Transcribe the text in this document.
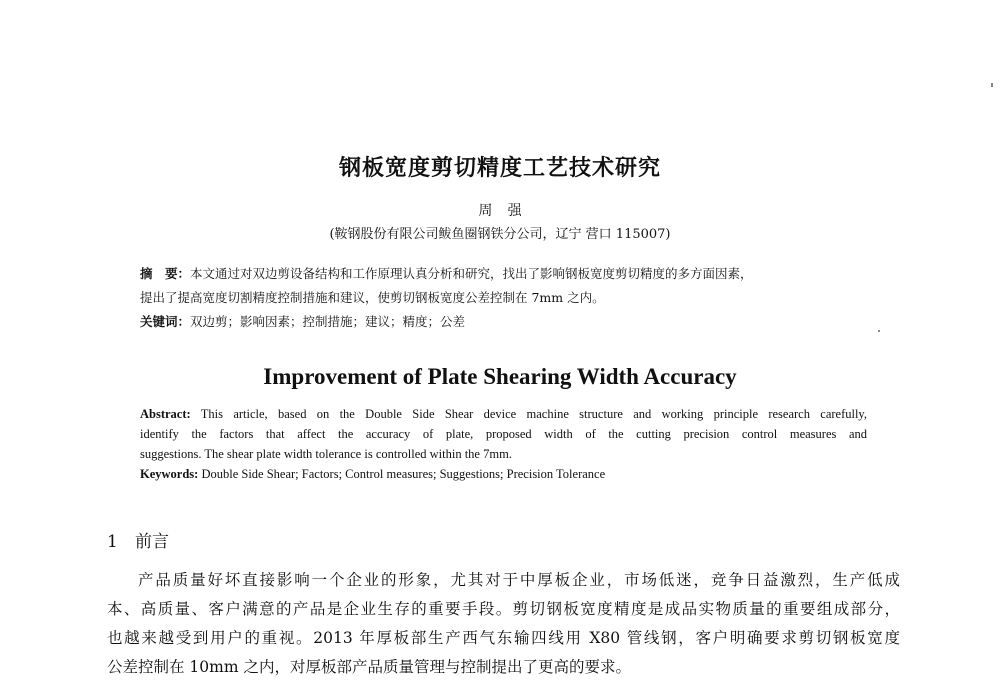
钢板宽度剪切精度工艺技术研究
周 强
(鞍钢股份有限公司鲅鱼圈钢铁分公司，辽宁 营口 115007)
摘　要：本文通过对双边剪设备结构和工作原理认真分析和研究，找出了影响钢板宽度剪切精度的多方面因素，
提出了提高宽度切割精度控制措施和建议，使剪切钢板宽度公差控制在 7mm 之内。
关键词：双边剪；影响因素；控制措施；建议；精度；公差
Improvement of Plate Shearing Width Accuracy
Abstract: This article, based on the Double Side Shear device machine structure and working principle research carefully,
identify the factors that affect the accuracy of plate, proposed width of the cutting precision control measures and
suggestions. The shear plate width tolerance is controlled within the 7mm.
Keywords: Double Side Shear; Factors; Control measures; Suggestions; Precision Tolerance
1 前言
产品质量好坏直接影响一个企业的形象，尤其对于中厚板企业，市场低迷，竞争日益激烈，生产低成
本、高质量、客户满意的产品是企业生存的重要手段。剪切钢板宽度精度是成品实物质量的重要组成部分，
也越来越受到用户的重视。2013 年厚板部生产西气东输四线用 X80 管线钢，客户明确要求剪切钢板宽度
公差控制在 10mm 之内，对厚板部产品质量管理与控制提出了更高的要求。
